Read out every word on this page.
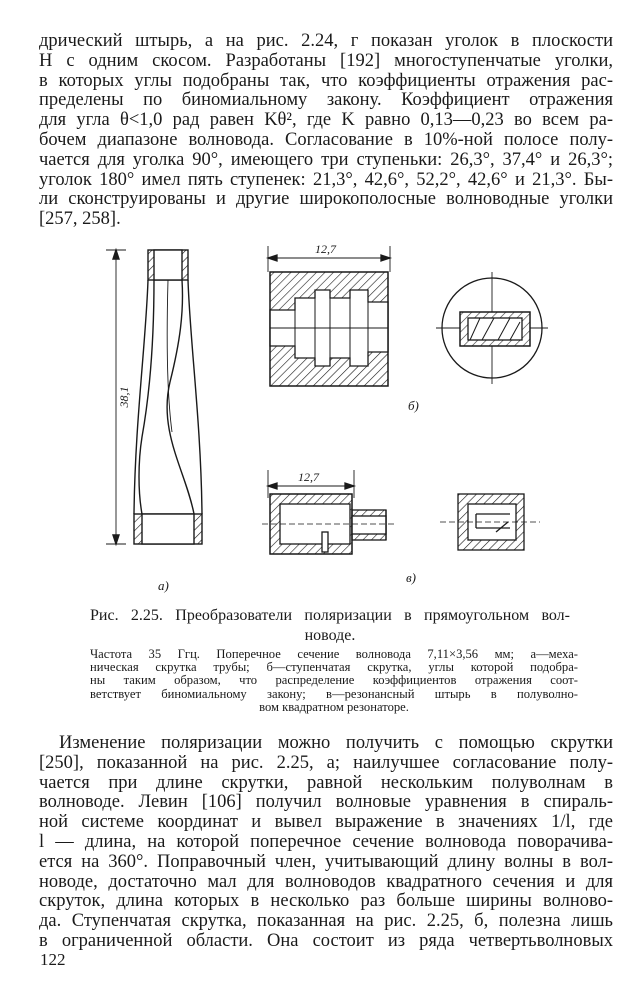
дрический штырь, а на рис. 2.24, г показан уголок в плоскости
H с одним скосом. Разработаны [192] многоступенчатые уголки,
в которых углы подобраны так, что коэффициенты отражения рас-
пределены по биномиальному закону. Коэффициент отражения
для угла θ<1,0 рад равен Kθ², где K равно 0,13—0,23 во всем ра-
бочем диапазоне волновода. Согласование в 10%-ной полосе полу-
чается для уголка 90°, имеющего три ступеньки: 26,3°, 37,4° и 26,3°;
уголок 180° имел пять ступенек: 21,3°, 42,6°, 52,2°, 42,6° и 21,3°. Бы-
ли сконструированы и другие широкополосные волноводные уголки
[257, 258].
38,1
а)
12,7
б)
12,7
в)
Рис. 2.25. Преобразователи поляризации в прямоугольном вол-
новоде.
Частота 35 Ггц. Поперечное сечение волновода 7,11×3,56 мм; а—меха-
ническая скрутка трубы; б—ступенчатая скрутка, углы которой подобра-
ны таким образом, что распределение коэффициентов отражения соот-
ветствует биномиальному закону; в—резонансный штырь в полуволно-
вом квадратном резонаторе.
Изменение поляризации можно получить с помощью скрутки
[250], показанной на рис. 2.25, а; наилучшее согласование полу-
чается при длине скрутки, равной нескольким полуволнам в
волноводе. Левин [106] получил волновые уравнения в спираль-
ной системе координат и вывел выражение в значениях 1/l, где
l — длина, на которой поперечное сечение волновода поворачива-
ется на 360°. Поправочный член, учитывающий длину волны в вол-
новоде, достаточно мал для волноводов квадратного сечения и для
скруток, длина которых в несколько раз больше ширины волново-
да. Ступенчатая скрутка, показанная на рис. 2.25, б, полезна лишь
в ограниченной области. Она состоит из ряда четвертьволновых
122
